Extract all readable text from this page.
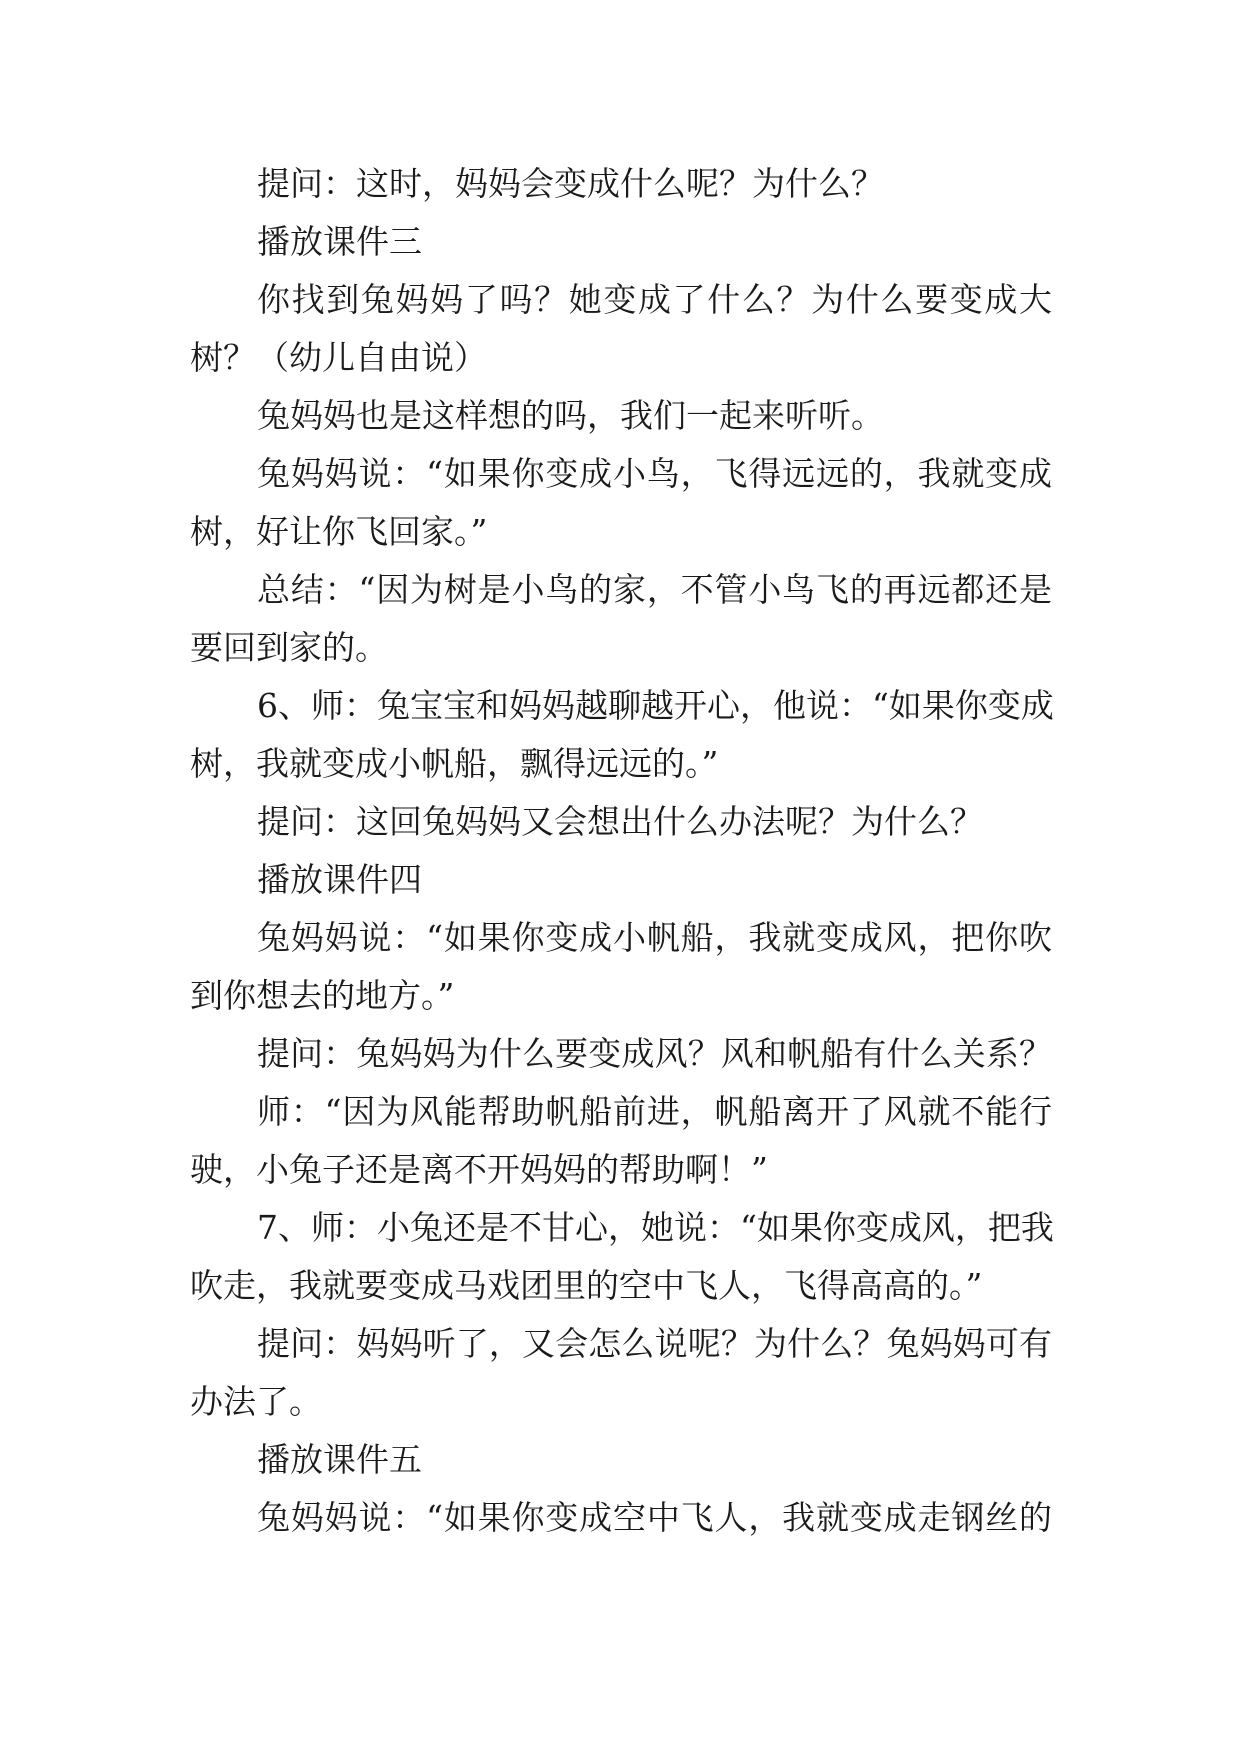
提问：这时，妈妈会变成什么呢？为什么？
播放课件三
你找到兔妈妈了吗？她变成了什么？为什么要变成大
树？（幼儿自由说）
兔妈妈也是这样想的吗，我们一起来听听。
兔妈妈说：“如果你变成小鸟，飞得远远的，我就变成
树，好让你飞回家。”
总结：“因为树是小鸟的家，不管小鸟飞的再远都还是
要回到家的。
6、师：兔宝宝和妈妈越聊越开心，他说：“如果你变成
树，我就变成小帆船，飘得远远的。”
提问：这回兔妈妈又会想出什么办法呢？为什么？
播放课件四
兔妈妈说：“如果你变成小帆船，我就变成风，把你吹
到你想去的地方。”
提问：兔妈妈为什么要变成风？风和帆船有什么关系？
师：“因为风能帮助帆船前进，帆船离开了风就不能行
驶，小兔子还是离不开妈妈的帮助啊！”
7、师：小兔还是不甘心，她说：“如果你变成风，把我
吹走，我就要变成马戏团里的空中飞人，飞得高高的。”
提问：妈妈听了，又会怎么说呢？为什么？兔妈妈可有
办法了。
播放课件五
兔妈妈说：“如果你变成空中飞人，我就变成走钢丝的
